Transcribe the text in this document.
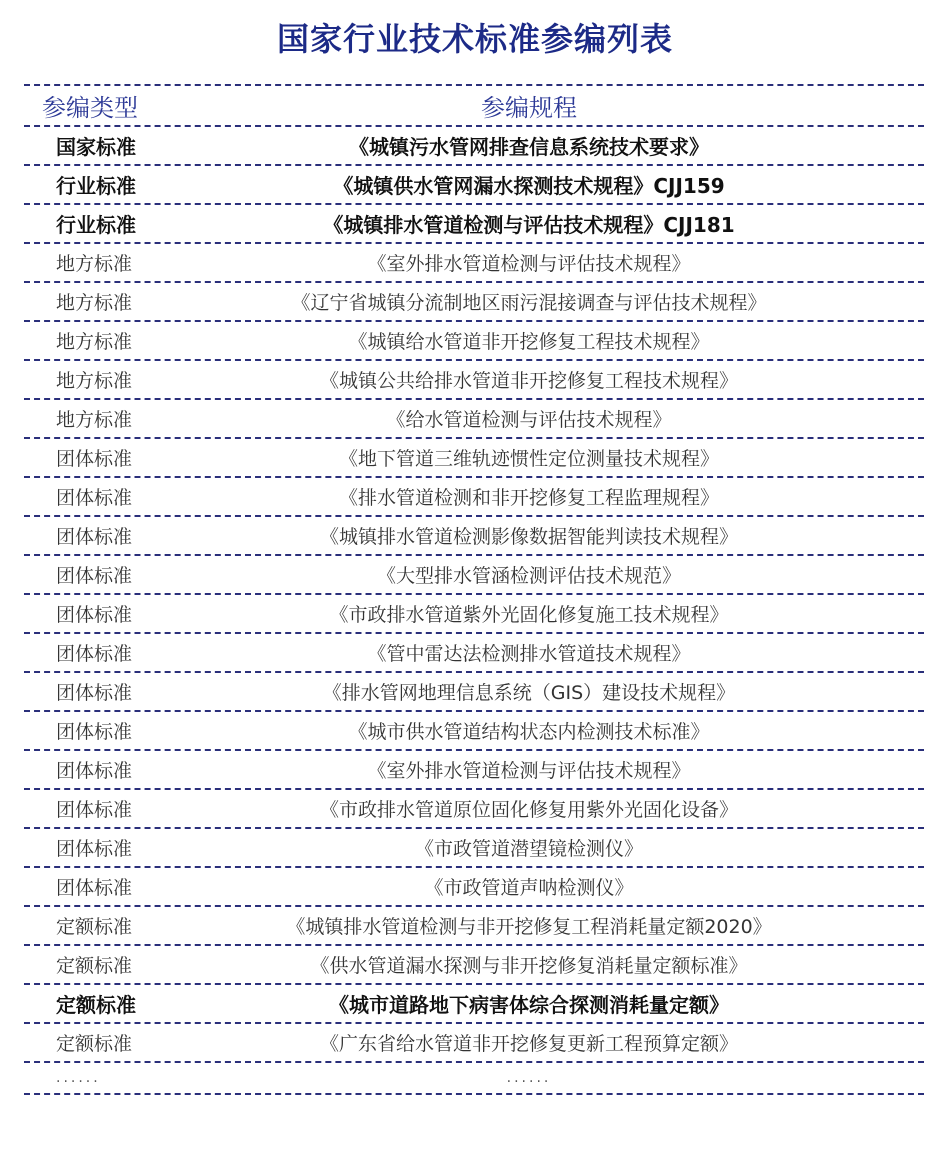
国家行业技术标准参编列表
参编类型	参编规程
国家标准	《城镇污水管网排查信息系统技术要求》
行业标准	《城镇供水管网漏水探测技术规程》CJJ159
行业标准	《城镇排水管道检测与评估技术规程》CJJ181
地方标准	《室外排水管道检测与评估技术规程》
地方标准	《辽宁省城镇分流制地区雨污混接调查与评估技术规程》
地方标准	《城镇给水管道非开挖修复工程技术规程》
地方标准	《城镇公共给排水管道非开挖修复工程技术规程》
地方标准	《给水管道检测与评估技术规程》
团体标准	《地下管道三维轨迹惯性定位测量技术规程》
团体标准	《排水管道检测和非开挖修复工程监理规程》
团体标准	《城镇排水管道检测影像数据智能判读技术规程》
团体标准	《大型排水管涵检测评估技术规范》
团体标准	《市政排水管道紫外光固化修复施工技术规程》
团体标准	《管中雷达法检测排水管道技术规程》
团体标准	《排水管网地理信息系统（GIS）建设技术规程》
团体标准	《城市供水管道结构状态内检测技术标准》
团体标准	《室外排水管道检测与评估技术规程》
团体标准	《市政排水管道原位固化修复用紫外光固化设备》
团体标准	《市政管道潜望镜检测仪》
团体标准	《市政管道声呐检测仪》
定额标准	《城镇排水管道检测与非开挖修复工程消耗量定额2020》
定额标准	《供水管道漏水探测与非开挖修复消耗量定额标准》
定额标准	《城市道路地下病害体综合探测消耗量定额》
定额标准	《广东省给水管道非开挖修复更新工程预算定额》
......	......
